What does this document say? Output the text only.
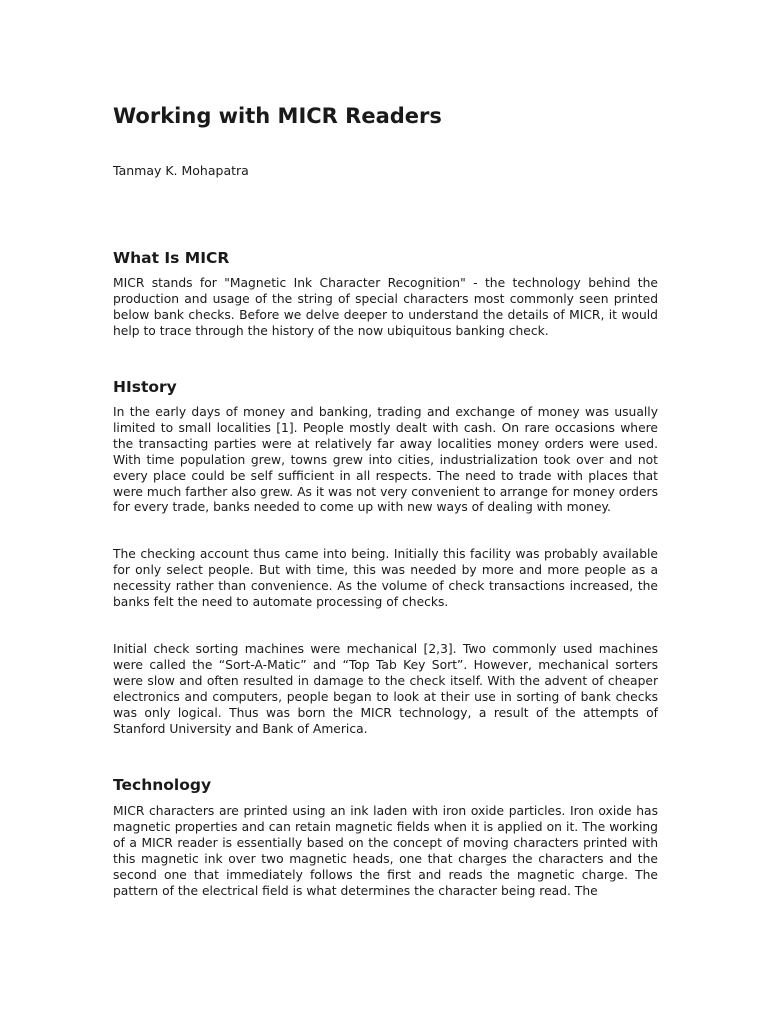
Working with MICR Readers
Tanmay K. Mohapatra
What Is MICR

MICR stands for "Magnetic Ink Character Recognition" - the technology behind the production and usage of the string of special characters most commonly seen printed below bank checks. Before we delve deeper to understand the details of MICR, it would help to trace through the history of the now ubiquitous banking check.

HIstory

In the early days of money and banking, trading and exchange of money was usually limited to small localities [1]. People mostly dealt with cash. On rare occasions where the transacting parties were at relatively far away localities money orders were used. With time population grew, towns grew into cities, industrialization took over and not every place could be self sufficient in all respects. The need to trade with places that were much farther also grew. As it was not very convenient to arrange for money orders for every trade, banks needed to come up with new ways of dealing with money.

The checking account thus came into being. Initially this facility was probably available for only select people. But with time, this was needed by more and more people as a necessity rather than convenience. As the volume of check transactions increased, the banks felt the need to automate processing of checks.

Initial check sorting machines were mechanical [2,3]. Two commonly used machines were called the “Sort-A-Matic” and “Top Tab Key Sort”. However, mechanical sorters were slow and often resulted in damage to the check itself. With the advent of cheaper electronics and computers, people began to look at their use in sorting of bank checks was only logical. Thus was born the MICR technology, a result of the attempts of Stanford University and Bank of America.

Technology

MICR characters are printed using an ink laden with iron oxide particles. Iron oxide has magnetic properties and can retain magnetic fields when it is applied on it. The working of a MICR reader is essentially based on the concept of moving characters printed with this magnetic ink over two magnetic heads, one that charges the characters and the second one that immediately follows the first and reads the magnetic charge. The pattern of the electrical field is what determines the character being read. The
